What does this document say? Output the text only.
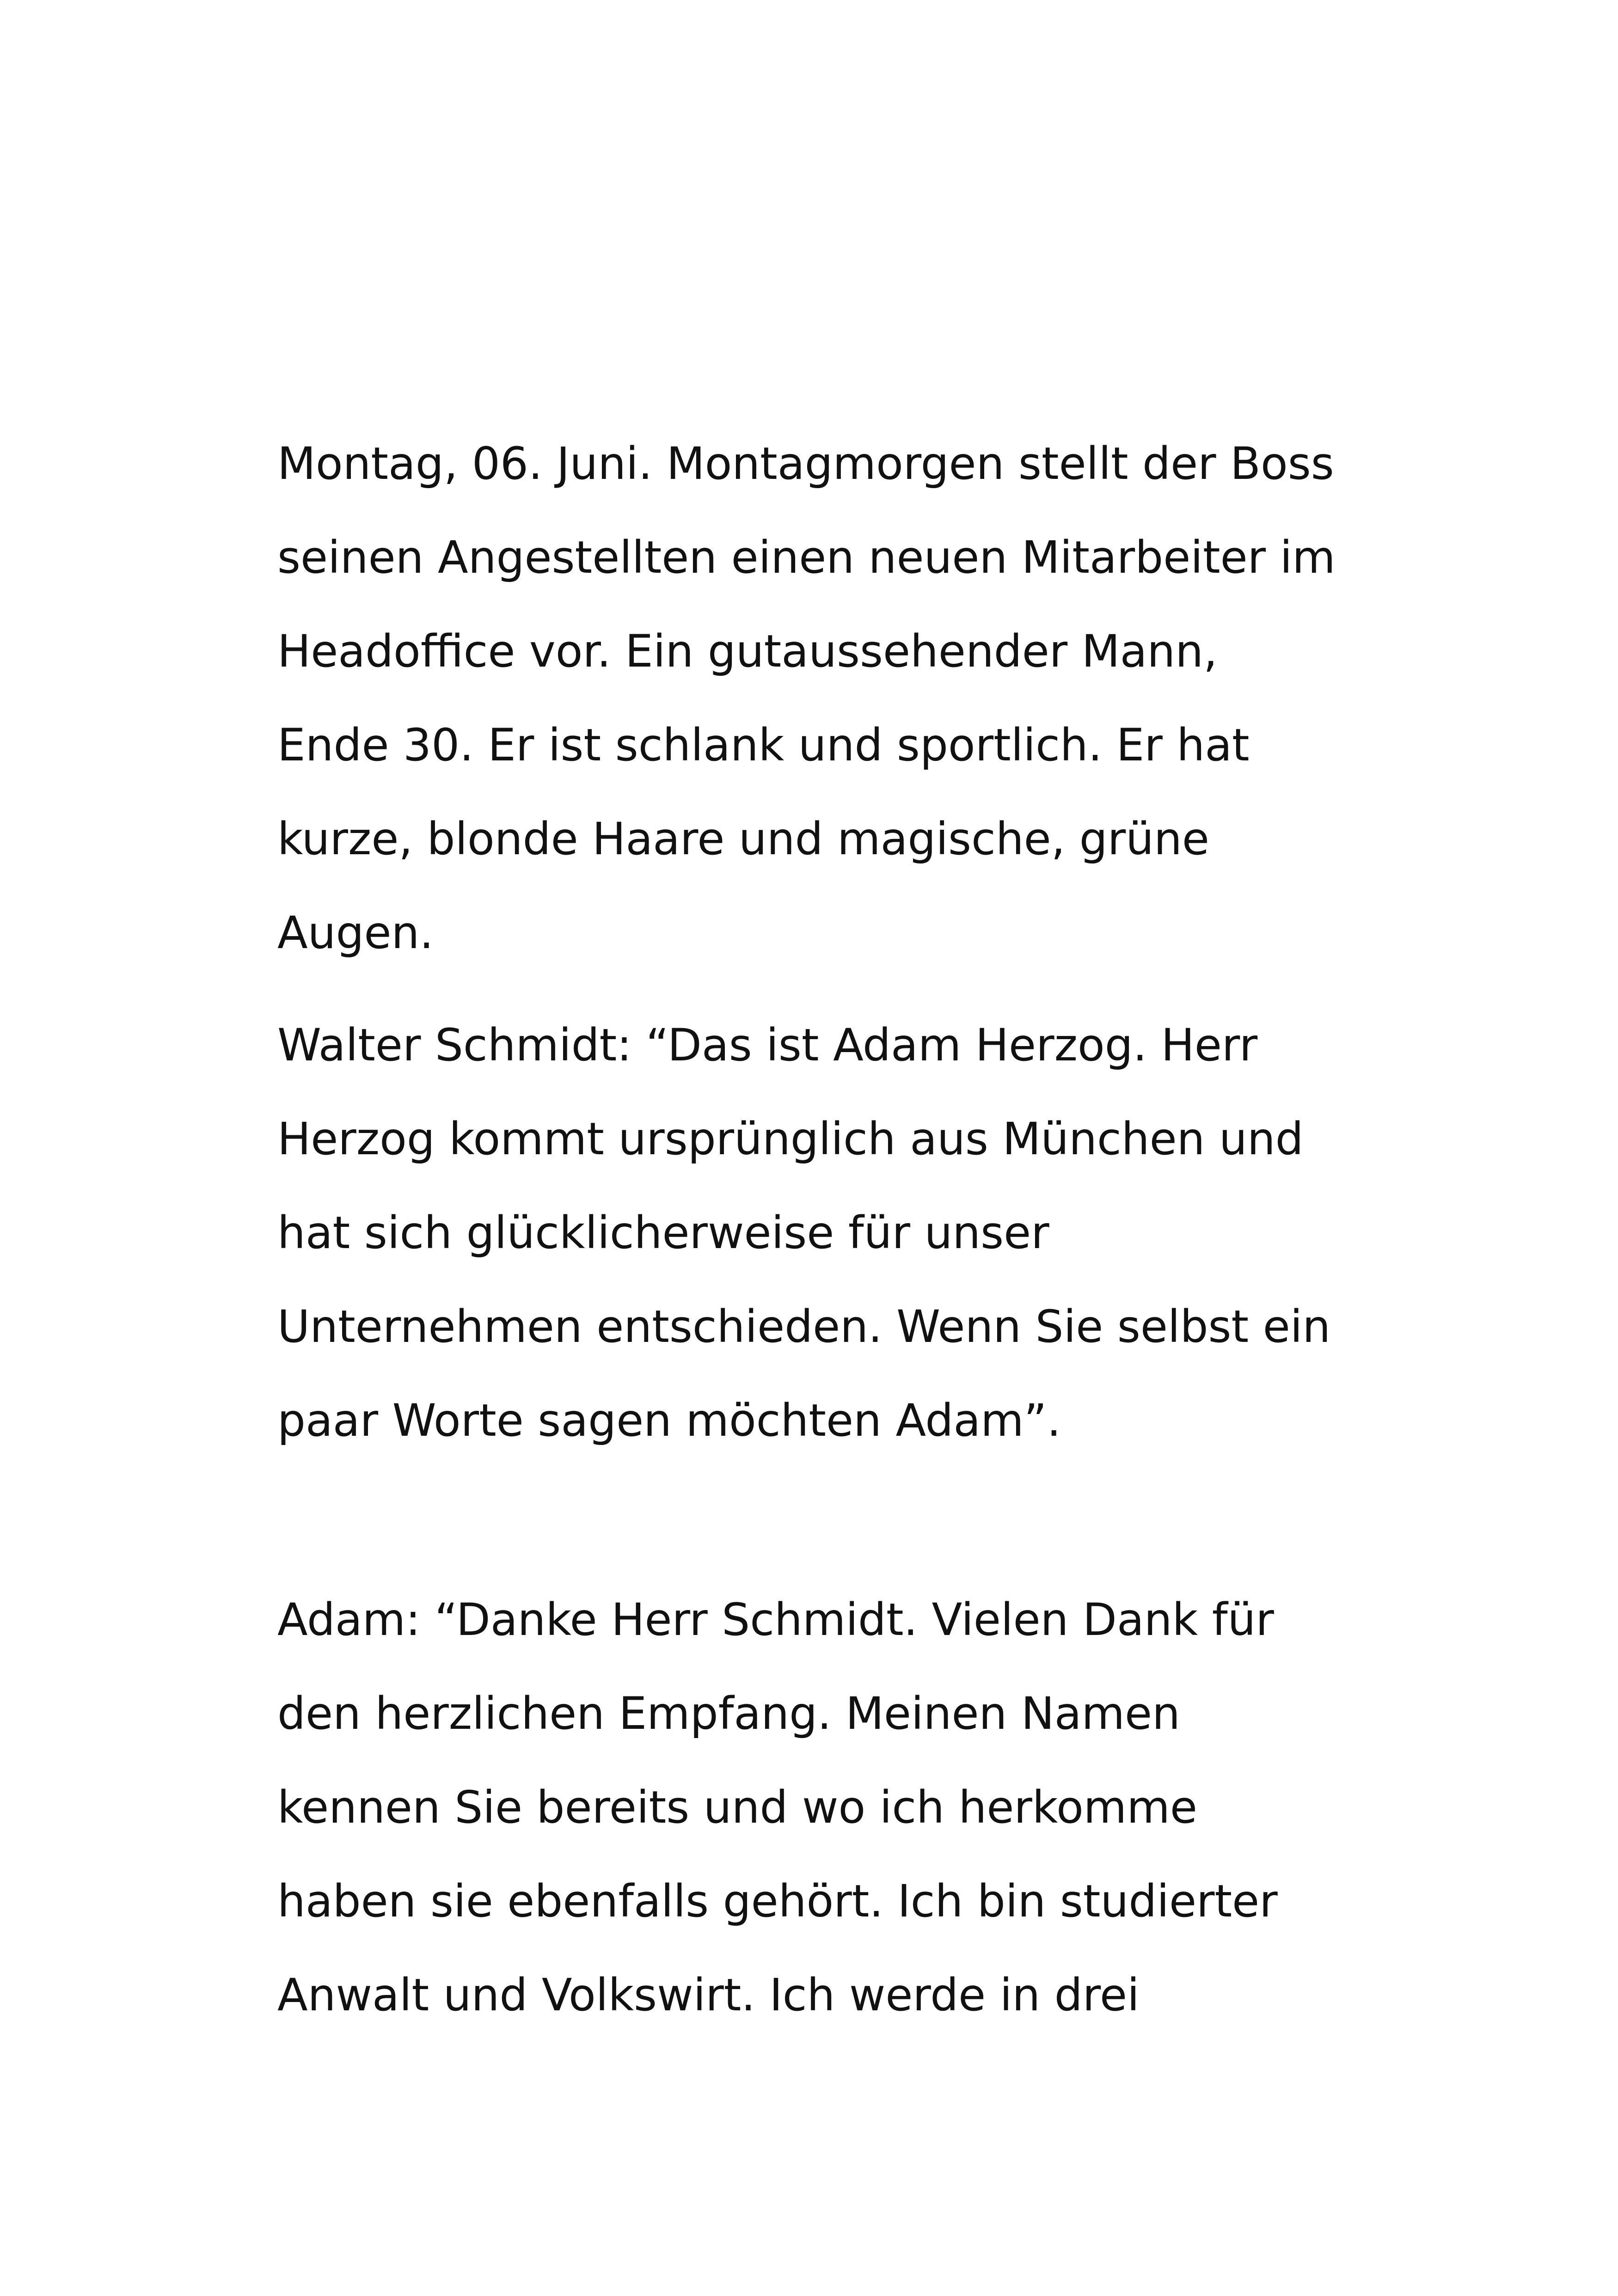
Montag, 06. Juni. Montagmorgen stellt der Boss
seinen Angestellten einen neuen Mitarbeiter im
Headoffice vor. Ein gutaussehender Mann,
Ende 30. Er ist schlank und sportlich. Er hat
kurze, blonde Haare und magische, grüne
Augen.

Walter Schmidt: “Das ist Adam Herzog. Herr
Herzog kommt ursprünglich aus München und
hat sich glücklicherweise für unser
Unternehmen entschieden. Wenn Sie selbst ein
paar Worte sagen möchten Adam”.

Adam: “Danke Herr Schmidt. Vielen Dank für
den herzlichen Empfang. Meinen Namen
kennen Sie bereits und wo ich herkomme
haben sie ebenfalls gehört. Ich bin studierter
Anwalt und Volkswirt. Ich werde in drei
